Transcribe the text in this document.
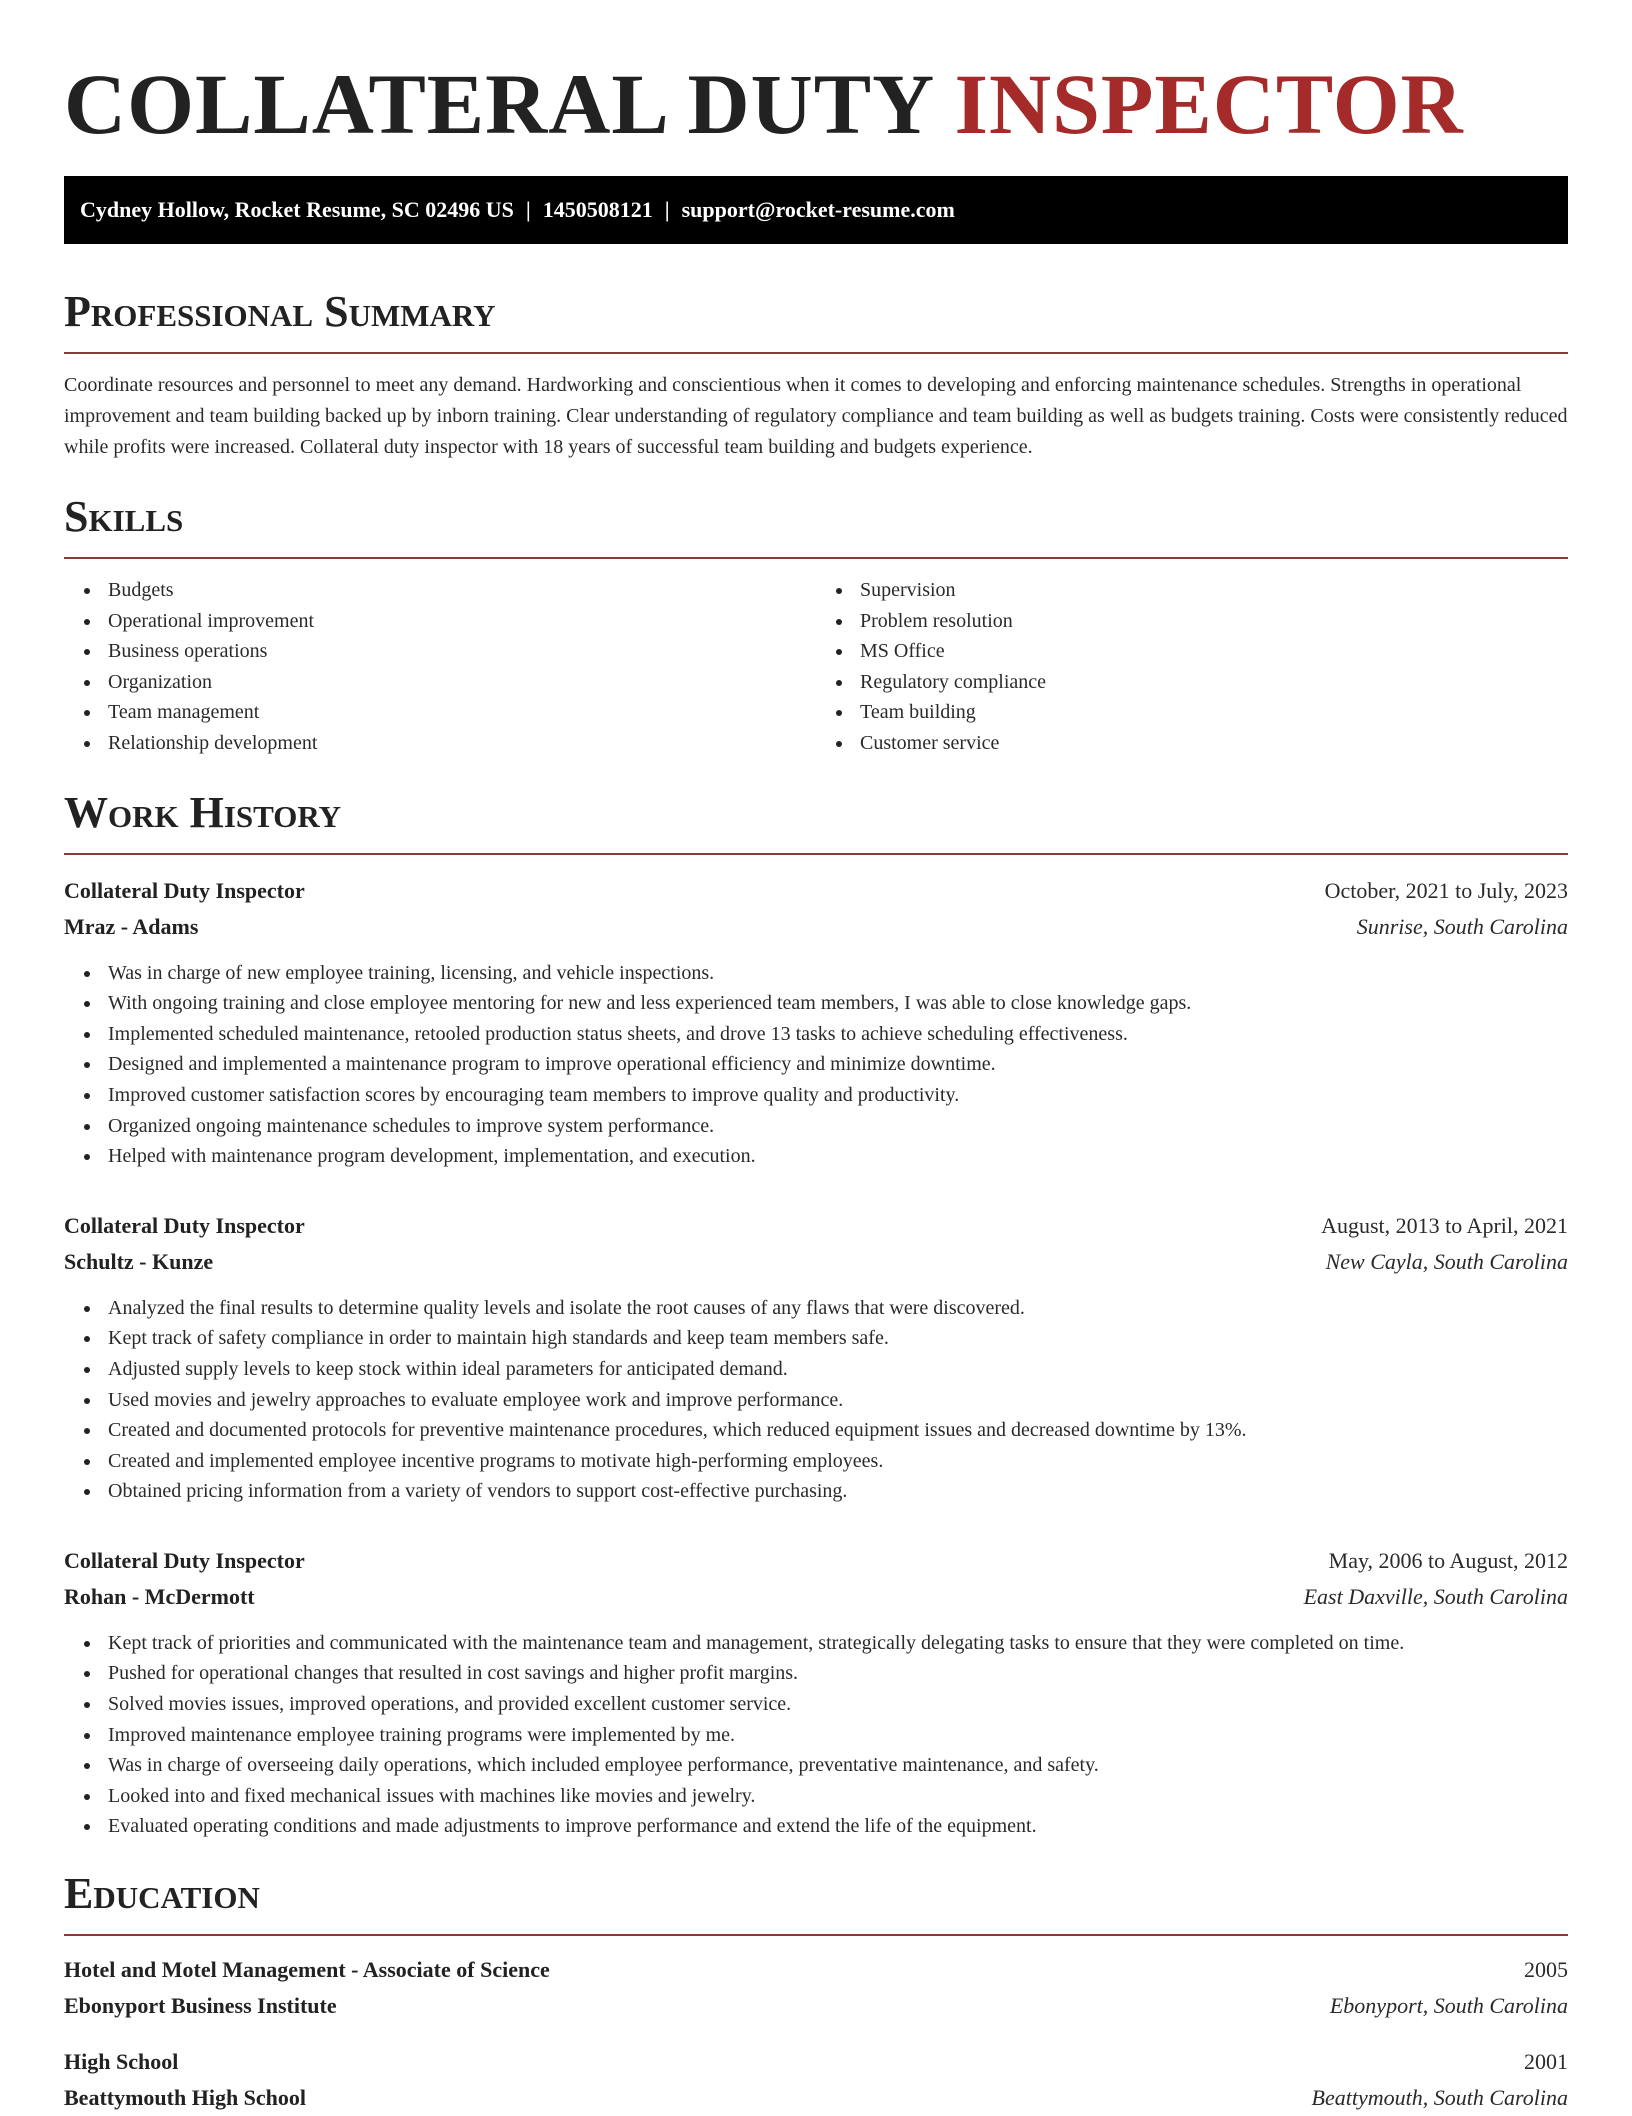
COLLATERAL DUTY INSPECTOR
Cydney Hollow, Rocket Resume, SC 02496 US | 1450508121 | support@rocket-resume.com
Professional Summary

Coordinate resources and personnel to meet any demand. Hardworking and conscientious when it comes to developing and enforcing maintenance schedules. Strengths in operational improvement and team building backed up by inborn training. Clear understanding of regulatory compliance and team building as well as budgets training. Costs were consistently reduced while profits were increased. Collateral duty inspector with 18 years of successful team building and budgets experience.

Skills
Budgets
Operational improvement
Business operations
Organization
Team management
Relationship development
Supervision
Problem resolution
MS Office
Regulatory compliance
Team building
Customer service
Work History
Collateral Duty Inspector	October, 2021 to July, 2023
Mraz - Adams	Sunrise, South Carolina
Was in charge of new employee training, licensing, and vehicle inspections.
With ongoing training and close employee mentoring for new and less experienced team members, I was able to close knowledge gaps.
Implemented scheduled maintenance, retooled production status sheets, and drove 13 tasks to achieve scheduling effectiveness.
Designed and implemented a maintenance program to improve operational efficiency and minimize downtime.
Improved customer satisfaction scores by encouraging team members to improve quality and productivity.
Organized ongoing maintenance schedules to improve system performance.
Helped with maintenance program development, implementation, and execution.
Collateral Duty Inspector	August, 2013 to April, 2021
Schultz - Kunze	New Cayla, South Carolina
Analyzed the final results to determine quality levels and isolate the root causes of any flaws that were discovered.
Kept track of safety compliance in order to maintain high standards and keep team members safe.
Adjusted supply levels to keep stock within ideal parameters for anticipated demand.
Used movies and jewelry approaches to evaluate employee work and improve performance.
Created and documented protocols for preventive maintenance procedures, which reduced equipment issues and decreased downtime by 13%.
Created and implemented employee incentive programs to motivate high-performing employees.
Obtained pricing information from a variety of vendors to support cost-effective purchasing.
Collateral Duty Inspector	May, 2006 to August, 2012
Rohan - McDermott	East Daxville, South Carolina
Kept track of priorities and communicated with the maintenance team and management, strategically delegating tasks to ensure that they were completed on time.
Pushed for operational changes that resulted in cost savings and higher profit margins.
Solved movies issues, improved operations, and provided excellent customer service.
Improved maintenance employee training programs were implemented by me.
Was in charge of overseeing daily operations, which included employee performance, preventative maintenance, and safety.
Looked into and fixed mechanical issues with machines like movies and jewelry.
Evaluated operating conditions and made adjustments to improve performance and extend the life of the equipment.
Education
Hotel and Motel Management - Associate of Science	2005
Ebonyport Business Institute	Ebonyport, South Carolina
High School	2001
Beattymouth High School	Beattymouth, South Carolina
